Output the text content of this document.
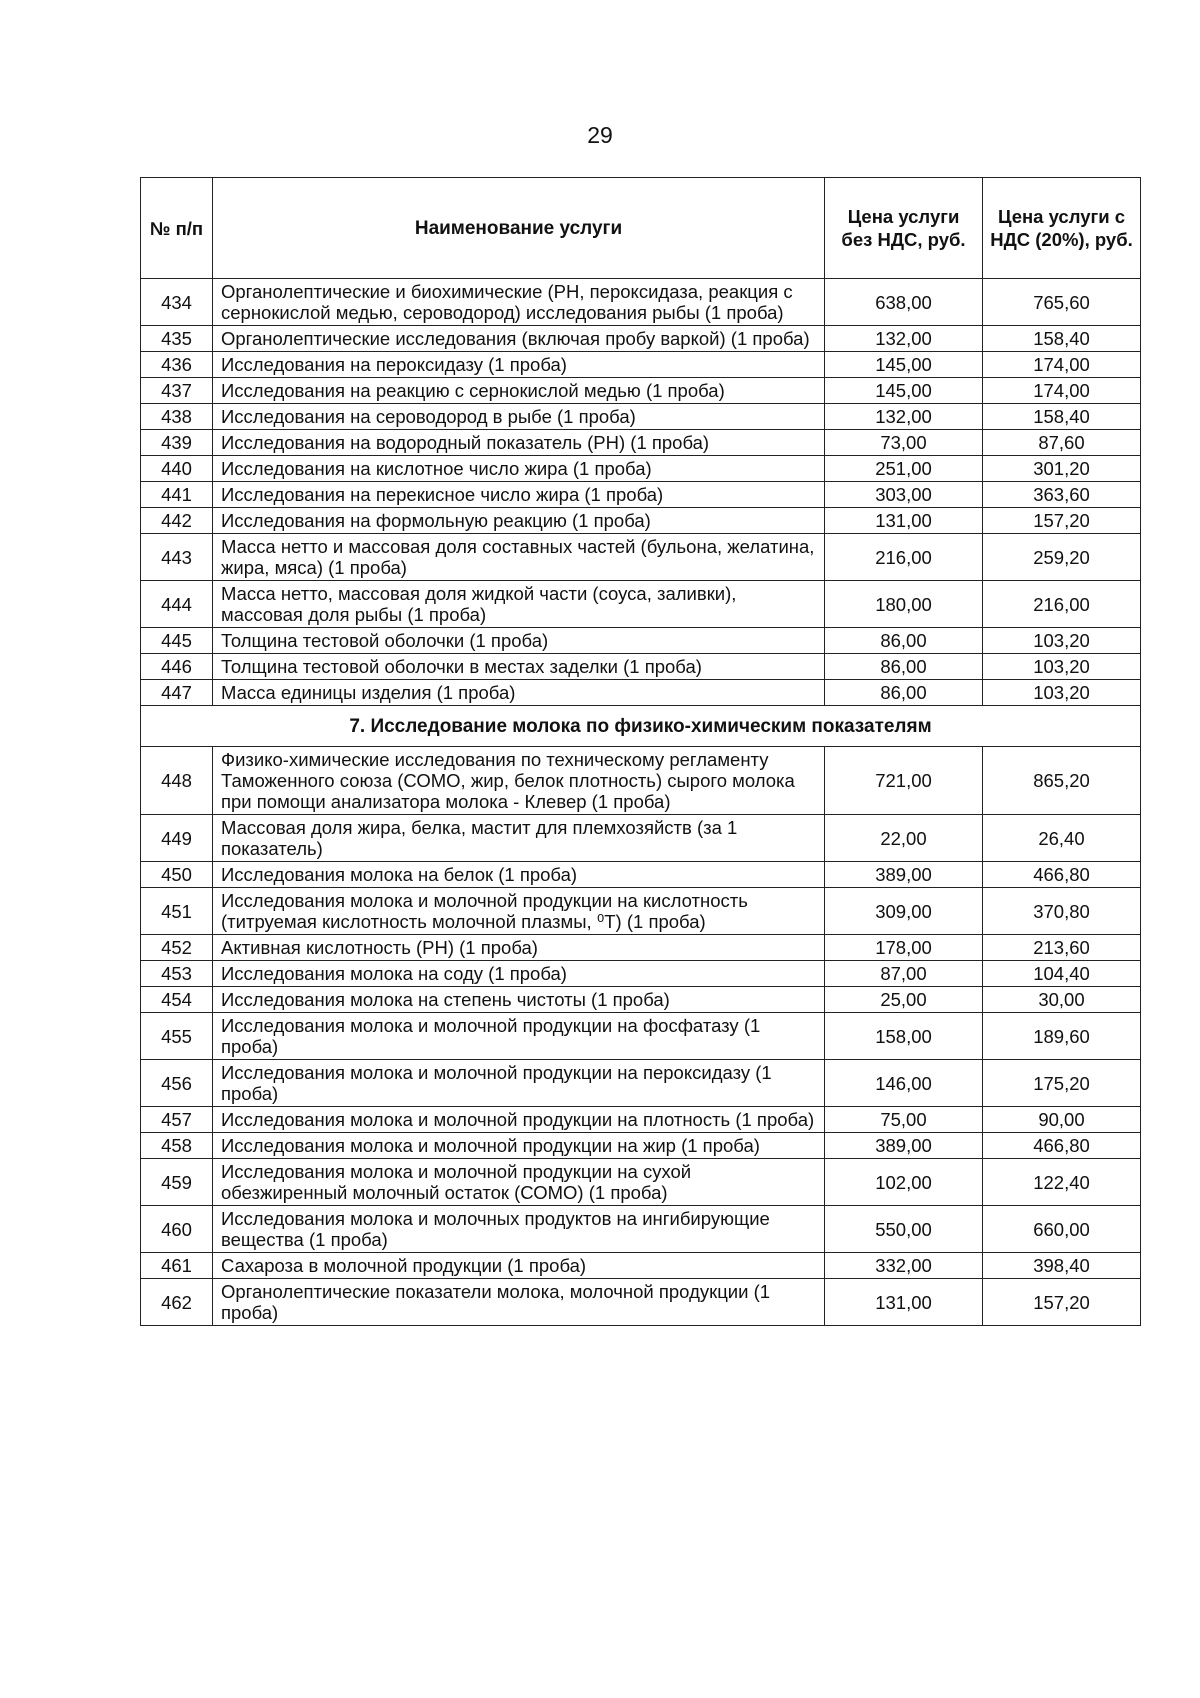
29
№ п/п	Наименование услуги	Цена услуги без НДС, руб.	Цена услуги с НДС (20%), руб.
434	Органолептические и биохимические (РН, пероксидаза, реакция с сернокислой медью, сероводород) исследования рыбы (1 проба)	638,00	765,60
435	Органолептические исследования (включая пробу варкой) (1 проба)	132,00	158,40
436	Исследования на пероксидазу (1 проба)	145,00	174,00
437	Исследования на реакцию с сернокислой медью (1 проба)	145,00	174,00
438	Исследования на сероводород в рыбе (1 проба)	132,00	158,40
439	Исследования на водородный показатель (РН) (1 проба)	73,00	87,60
440	Исследования на кислотное число жира (1 проба)	251,00	301,20
441	Исследования на перекисное число жира (1 проба)	303,00	363,60
442	Исследования на формольную реакцию (1 проба)	131,00	157,20
443	Масса нетто и массовая доля составных частей (бульона, желатина, жира, мяса) (1 проба)	216,00	259,20
444	Масса нетто, массовая доля жидкой части (соуса, заливки), массовая доля рыбы (1 проба)	180,00	216,00
445	Толщина тестовой оболочки (1 проба)	86,00	103,20
446	Толщина тестовой оболочки в местах заделки (1 проба)	86,00	103,20
447	Масса единицы изделия (1 проба)	86,00	103,20
7. Исследование молока по физико-химическим показателям			
448	Физико-химические исследования по техническому регламенту Таможенного союза (СОМО, жир, белок плотность) сырого молока при помощи анализатора молока - Клевер (1 проба)	721,00	865,20
449	Массовая доля жира, белка, мастит для племхозяйств (за 1 показатель)	22,00	26,40
450	Исследования молока на белок (1 проба)	389,00	466,80
451	Исследования молока и молочной продукции на кислотность (титруемая кислотность молочной плазмы, ⁰Т) (1 проба)	309,00	370,80
452	Активная кислотность (РН) (1 проба)	178,00	213,60
453	Исследования молока на соду (1 проба)	87,00	104,40
454	Исследования молока на степень чистоты (1 проба)	25,00	30,00
455	Исследования молока и молочной продукции на фосфатазу (1 проба)	158,00	189,60
456	Исследования молока и молочной продукции на пероксидазу (1 проба)	146,00	175,20
457	Исследования молока и молочной продукции на плотность (1 проба)	75,00	90,00
458	Исследования молока и молочной продукции на жир (1 проба)	389,00	466,80
459	Исследования молока и молочной продукции на сухой обезжиренный молочный остаток (СОМО) (1 проба)	102,00	122,40
460	Исследования молока и молочных продуктов на ингибирующие вещества (1 проба)	550,00	660,00
461	Сахароза в молочной продукции (1 проба)	332,00	398,40
462	Органолептические показатели молока, молочной продукции (1 проба)	131,00	157,20
